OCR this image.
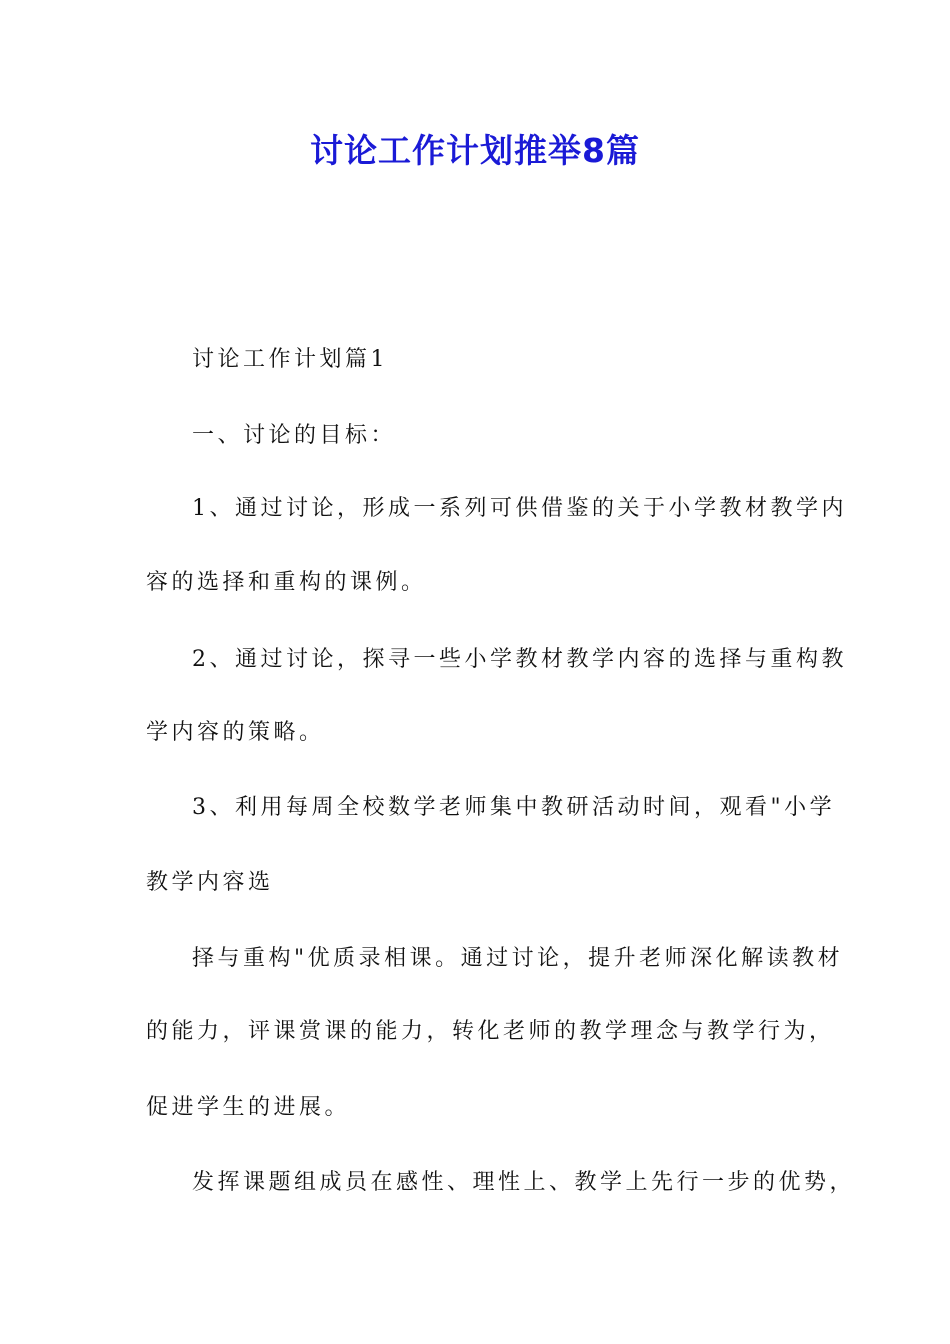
讨论工作计划推举8篇

讨论工作计划篇1

一、讨论的目标：

1、通过讨论，形成一系列可供借鉴的关于小学教材教学内

容的选择和重构的课例。

2、通过讨论，探寻一些小学教材教学内容的选择与重构教

学内容的策略。

3、利用每周全校数学老师集中教研活动时间，观看"小学

教学内容选

择与重构"优质录相课。通过讨论，提升老师深化解读教材

的能力，评课赏课的能力，转化老师的教学理念与教学行为，

促进学生的进展。

发挥课题组成员在感性、理性上、教学上先行一步的优势，
